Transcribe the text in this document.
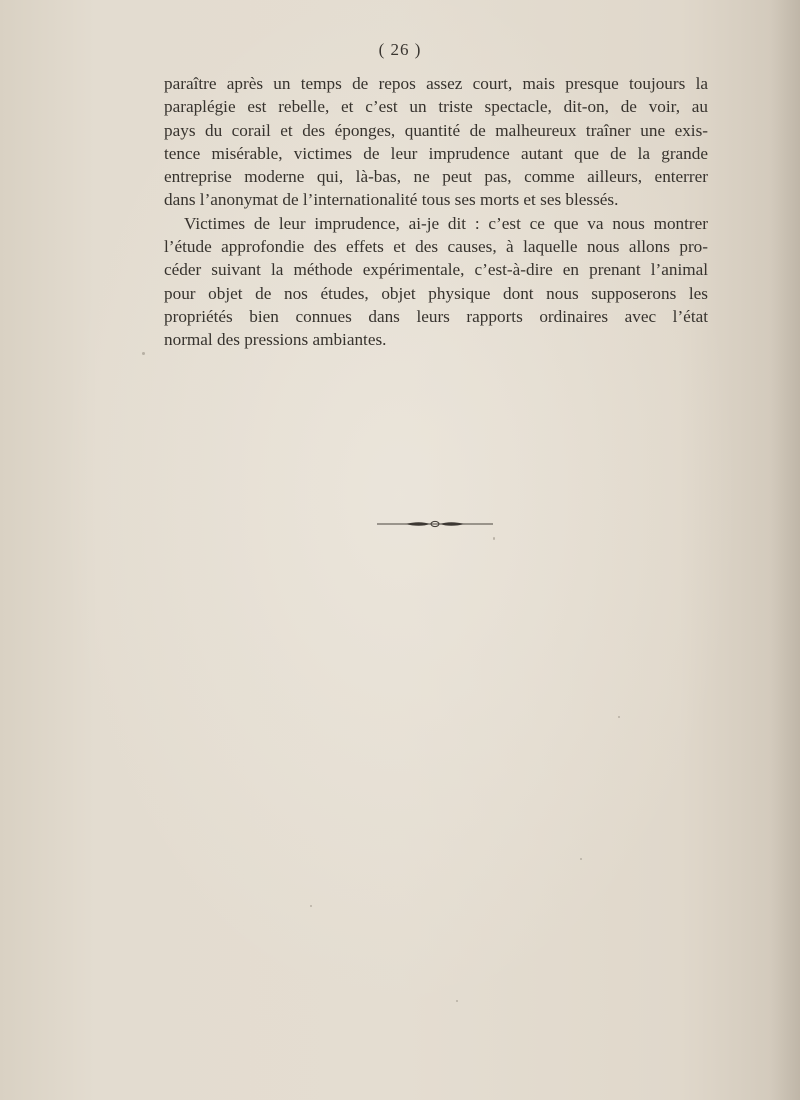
( 26 )
paraître après un temps de repos assez court, mais presque toujours la
paraplégie est rebelle, et c’est un triste spectacle, dit-on, de voir, au
pays du corail et des éponges, quantité de malheureux traîner une exis-
tence misérable, victimes de leur imprudence autant que de la grande
entreprise moderne qui, là-bas, ne peut pas, comme ailleurs, enterrer
dans l’anonymat de l’internationalité tous ses morts et ses blessés.
Victimes de leur imprudence, ai-je dit : c’est ce que va nous montrer
l’étude approfondie des effets et des causes, à laquelle nous allons pro-
céder suivant la méthode expérimentale, c’est-à-dire en prenant l’animal
pour objet de nos études, objet physique dont nous supposerons les
propriétés bien connues dans leurs rapports ordinaires avec l’état
normal des pressions ambiantes.
